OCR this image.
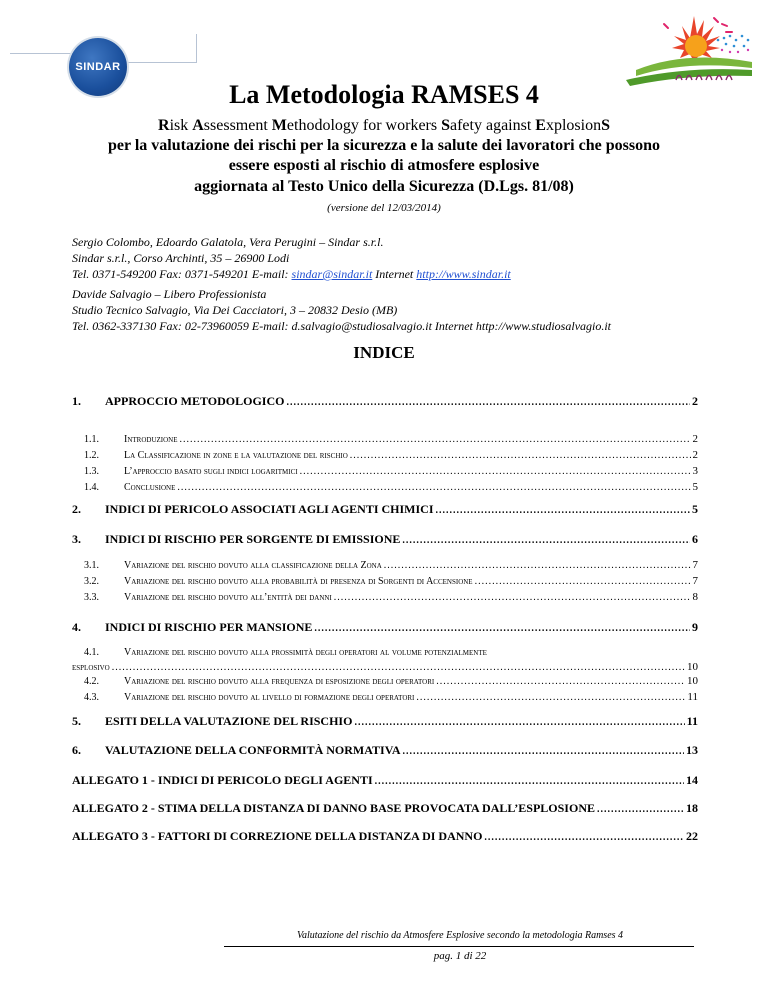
SINDAR
La Metodologia RAMSES 4
Risk Assessment Methodology for workers Safety against ExplosionS
per la valutazione dei rischi per la sicurezza e la salute dei lavoratori che possono
essere esposti al rischio di atmosfere esplosive
aggiornata al Testo Unico della Sicurezza (D.Lgs. 81/08)
(versione del 12/03/2014)
Sergio Colombo, Edoardo Galatola, Vera Perugini – Sindar s.r.l.
Sindar s.r.l., Corso Archinti, 35 – 26900 Lodi
Tel. 0371-549200 Fax: 0371-549201 E-mail: sindar@sindar.it Internet http://www.sindar.it
Davide Salvagio – Libero Professionista
Studio Tecnico Salvagio, Via Dei Cacciatori, 3 – 20832 Desio (MB)
Tel. 0362-337130 Fax: 02-73960059 E-mail: d.salvagio@studiosalvagio.it Internet http://www.studiosalvagio.it
INDICE
1.	APPROCCIO METODOLOGICO .....	2
1.1.	Introduzione .....	2
1.2.	La Classificazione in zone e la valutazione del rischio .....	2
1.3.	L’approccio basato sugli indici logaritmici .....	3
1.4.	Conclusione .....	5
2.	INDICI DI PERICOLO ASSOCIATI AGLI AGENTI CHIMICI .....	5
3.	INDICI DI RISCHIO PER SORGENTE DI EMISSIONE .....	6
3.1.	Variazione del rischio dovuto alla classificazione della Zona .....	7
3.2.	Variazione del rischio dovuto alla probabilità di presenza di Sorgenti di Accensione .....	7
3.3.	Variazione del rischio dovuto all’entità dei danni .....	8
4.	INDICI DI RISCHIO PER MANSIONE .....	9
4.1.	Variazione del rischio dovuto alla prossimità degli operatori al volume potenzialmente
esplosivo .....	10
4.2.	Variazione del rischio dovuto alla frequenza di esposizione degli operatori .....	10
4.3.	Variazione del rischio dovuto al livello di formazione degli operatori .....	11
5.	ESITI DELLA VALUTAZIONE DEL RISCHIO .....	11
6.	VALUTAZIONE DELLA CONFORMITÀ NORMATIVA .....	13
ALLEGATO 1 - INDICI DI PERICOLO DEGLI AGENTI .....	14
ALLEGATO 2 - STIMA DELLA DISTANZA DI DANNO BASE PROVOCATA DALL’ESPLOSIONE .....	18
ALLEGATO 3 - FATTORI DI CORREZIONE DELLA DISTANZA DI DANNO .....	22
Valutazione del rischio da Atmosfere Esplosive secondo la metodologia Ramses 4
pag. 1 di 22
